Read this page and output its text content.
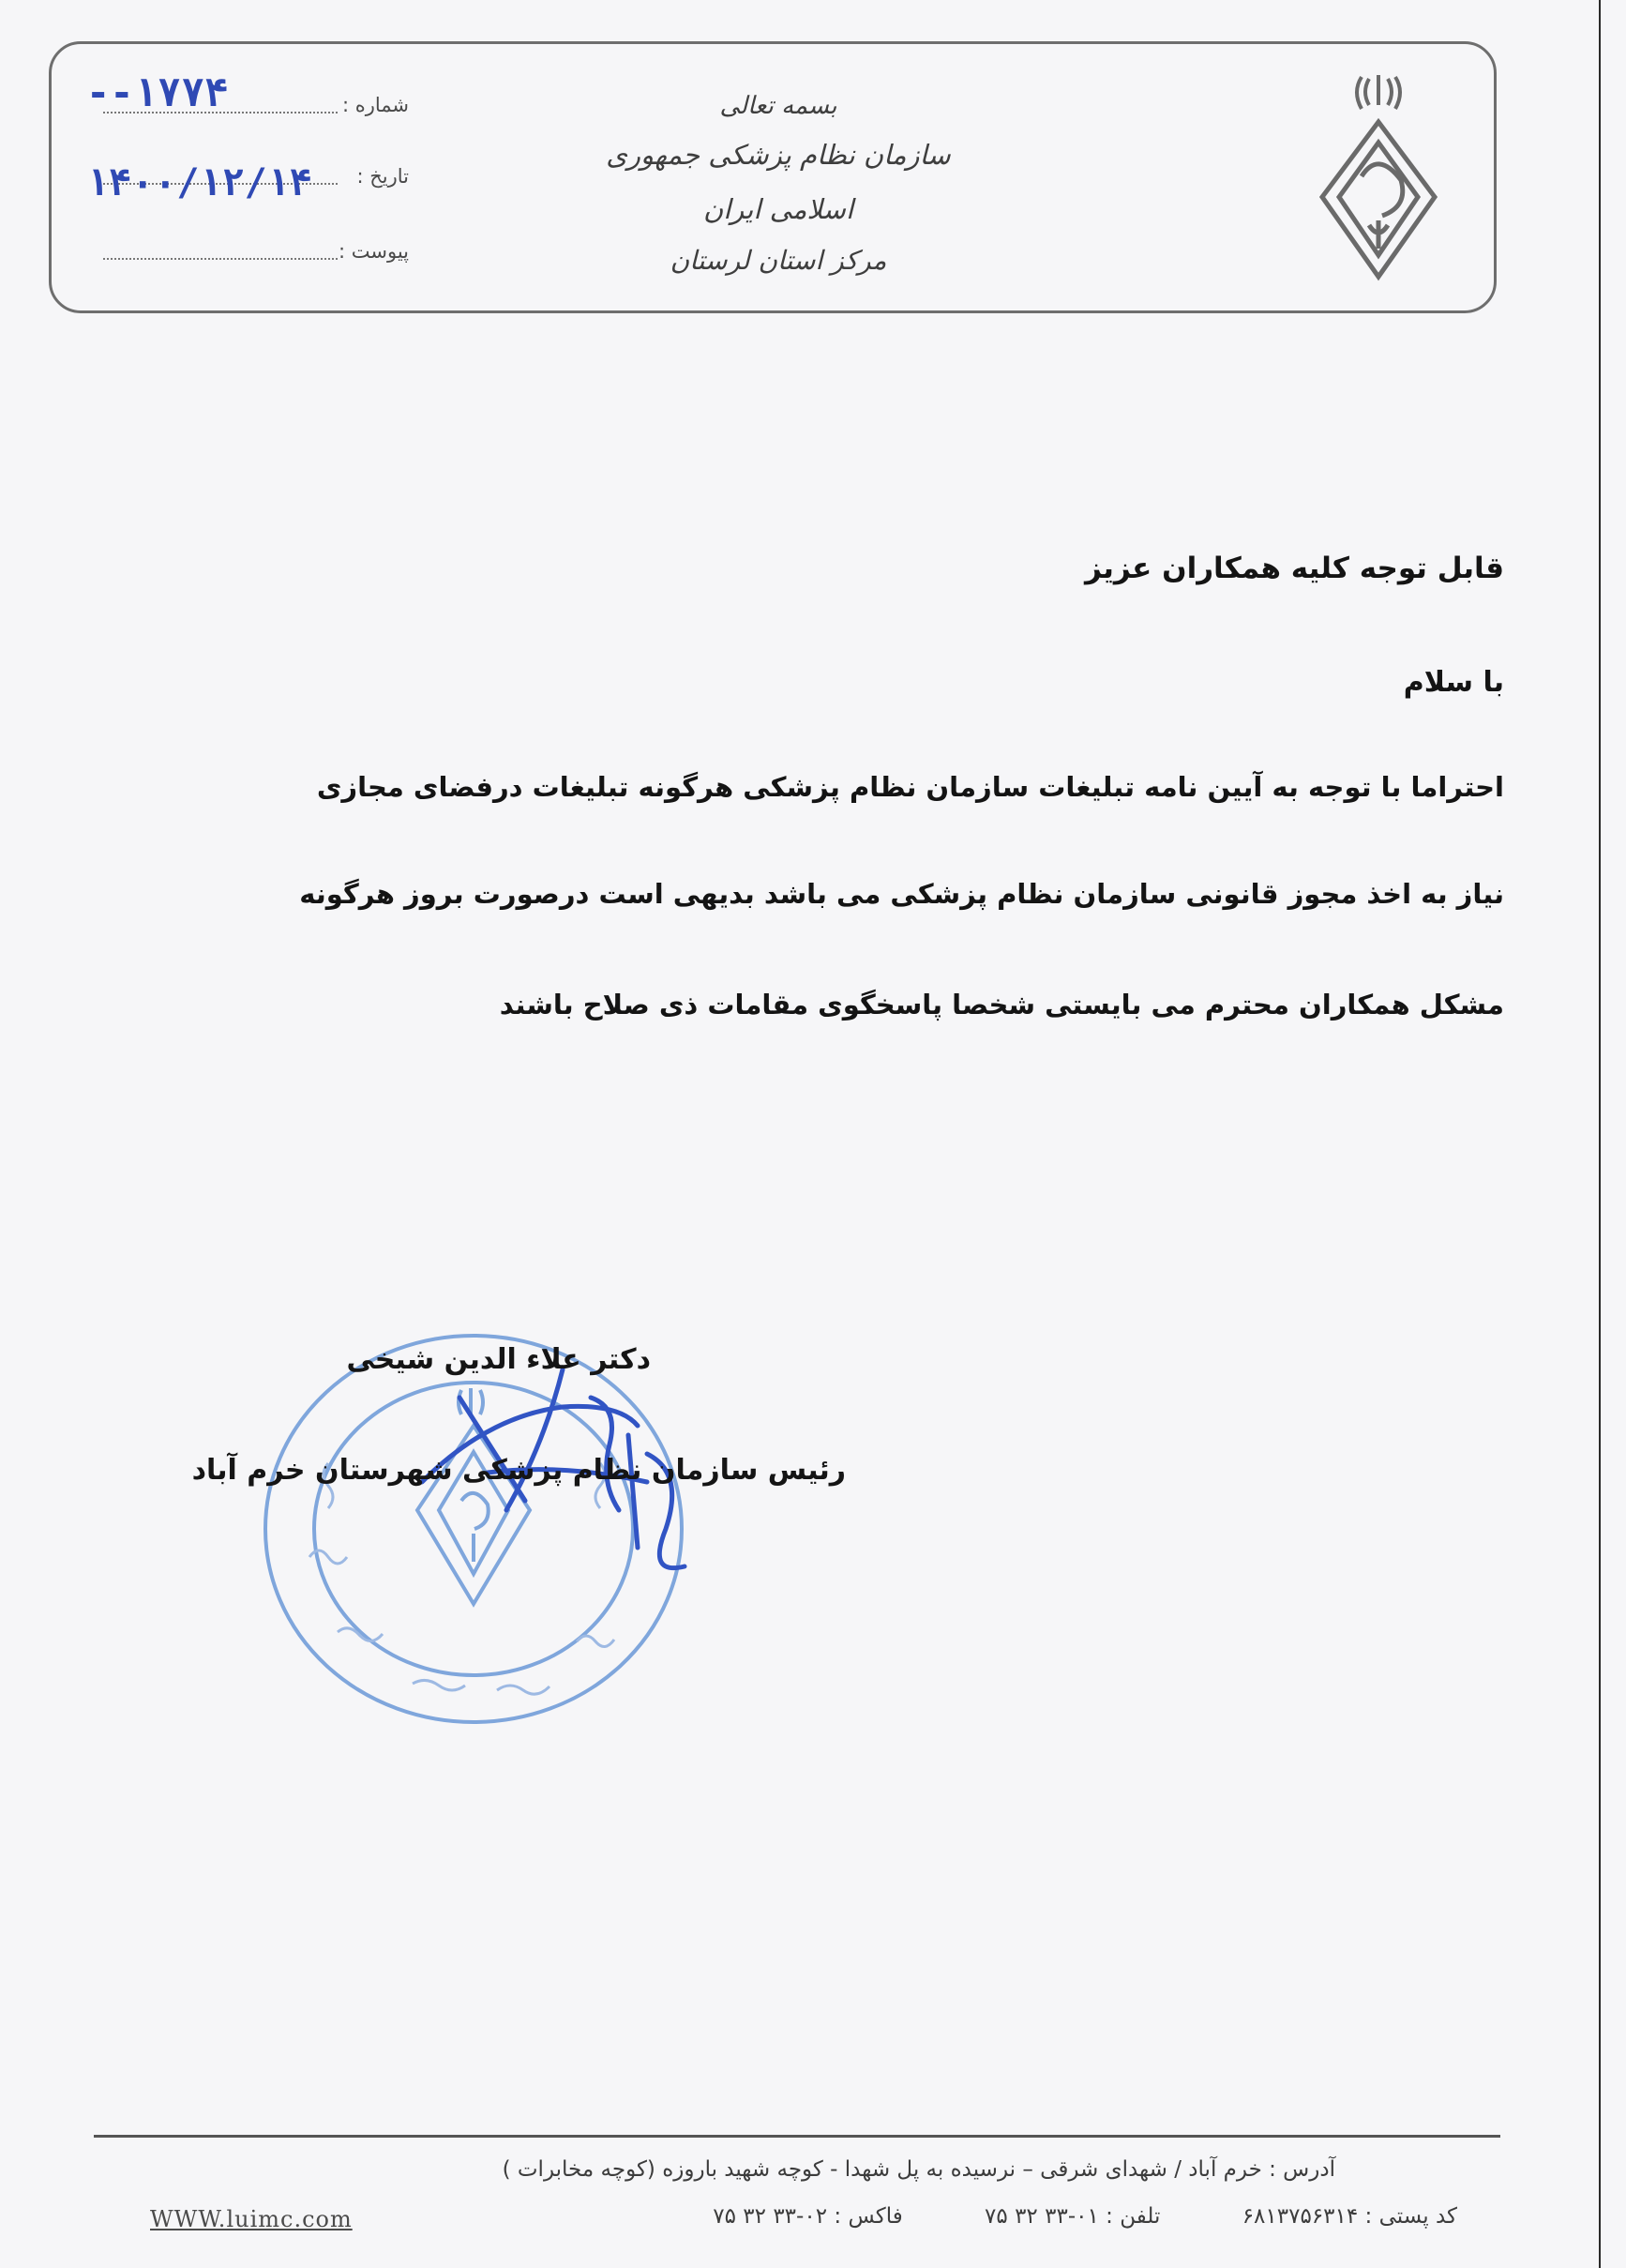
بسمه تعالی
سازمان نظام پزشکی جمهوری اسلامی ایران
مرکز استان لرستان
شماره :
تاریخ :
پیوست :
--۱۷۷۴
۱۴۰۰/۱۲/۱۴
قابل توجه کلیه همکاران عزیز
با سلام
احتراما با توجه به آیین نامه تبلیغات سازمان نظام پزشکی هرگونه تبلیغات درفضای مجازی
نیاز به اخذ مجوز قانونی سازمان نظام پزشکی می باشد بدیهی است درصورت بروز هرگونه
مشکل همکاران محترم می بایستی شخصا پاسخگوی مقامات ذی صلاح باشند
دکتر علاء الدین شیخی
رئیس سازمان نظام پزشکی شهرستان خرم آباد
آدرس : خرم آباد / شهدای شرقی – نرسیده به پل شهدا - کوچه شهید باروزه (کوچه مخابرات )
کد پستی : ۶۸۱۳۷۵۶۳۱۴ تلفن : ۰۱-۳۳ ۳۲ ۷۵ فاکس : ۰۲-۳۳ ۳۲ ۷۵
WWW.luimc.com
